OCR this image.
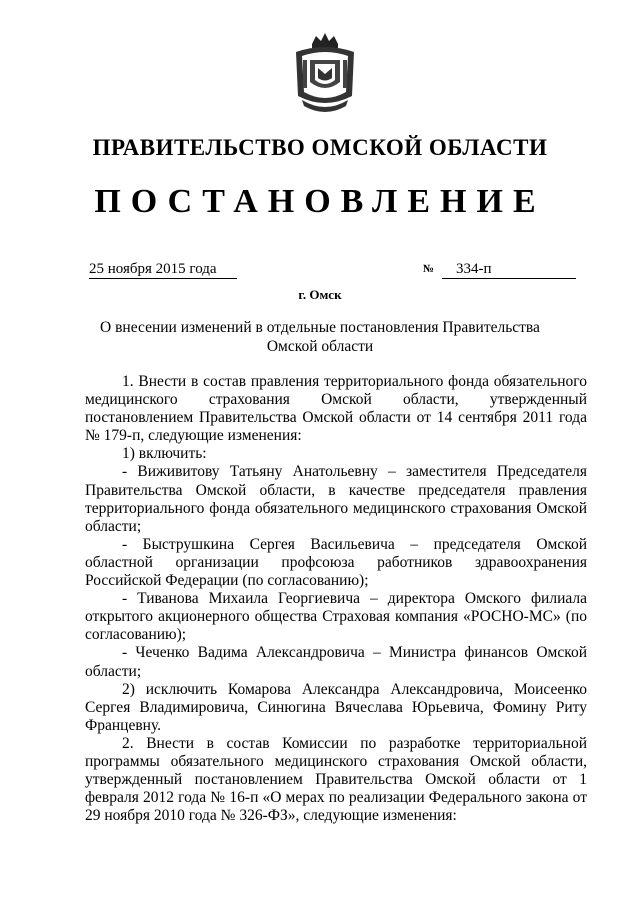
ПРАВИТЕЛЬСТВО ОМСКОЙ ОБЛАСТИ
ПОСТАНОВЛЕНИЕ
25 ноября 2015 года	№	334-п
г. Омск
О внесении изменений в отдельные постановления Правительства
Омской области

1. Внести в состав правления территориального фонда обязательного медицинского страхования Омской области, утвержденный постановлением Правительства Омской области от 14 сентября 2011 года № 179-п, следующие изменения:

1) включить:

- Виживитову Татьяну Анатольевну – заместителя Председателя Правительства Омской области, в качестве председателя правления территориального фонда обязательного медицинского страхования Омской области;

- Быструшкина Сергея Васильевича – председателя Омской областной организации профсоюза работников здравоохранения Российской Федерации (по согласованию);

- Тиванова Михаила Георгиевича – директора Омского филиала открытого акционерного общества Страховая компания «РОСНО-МС» (по согласованию);

- Чеченко Вадима Александровича – Министра финансов Омской области;

2) исключить Комарова Александра Александровича, Моисеенко Сергея Владимировича, Синюгина Вячеслава Юрьевича, Фомину Риту Францевну.

2. Внести в состав Комиссии по разработке территориальной программы обязательного медицинского страхования Омской области, утвержденный постановлением Правительства Омской области от 1 февраля 2012 года № 16-п «О мерах по реализации Федерального закона от 29 ноября 2010 года № 326-ФЗ», следующие изменения:
